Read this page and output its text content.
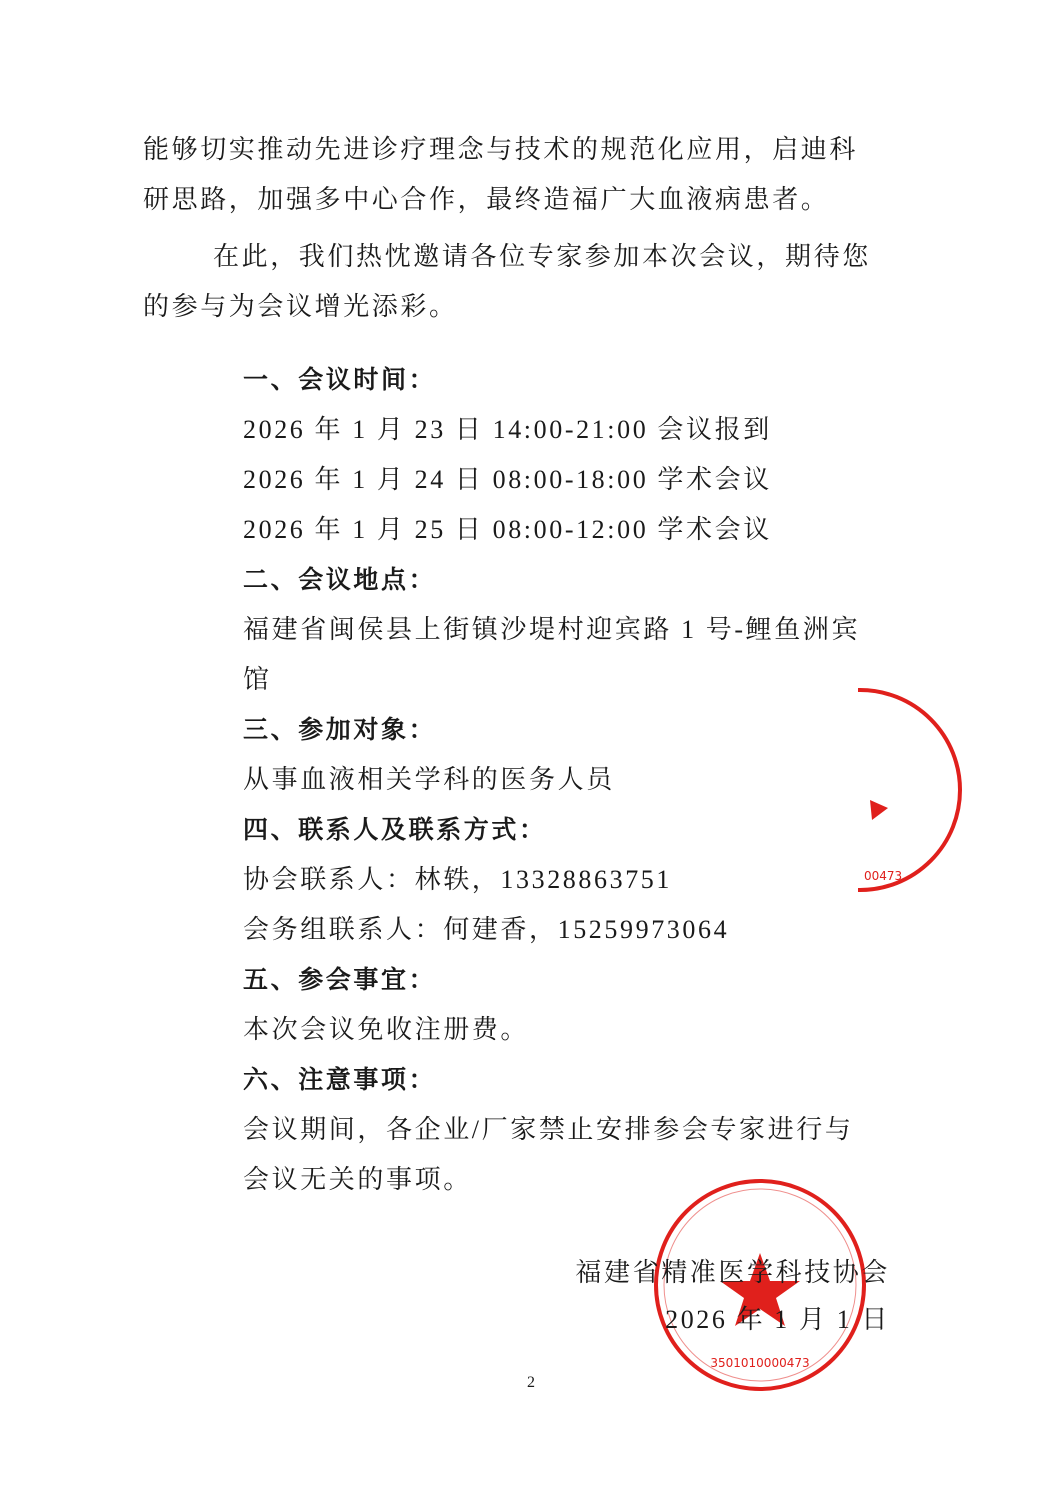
能够切实推动先进诊疗理念与技术的规范化应用，启迪科
研思路，加强多中心合作，最终造福广大血液病患者。
在此，我们热忱邀请各位专家参加本次会议，期待您
的参与为会议增光添彩。
一、会议时间：
2026 年 1 月 23 日 14:00-21:00 会议报到
2026 年 1 月 24 日 08:00-18:00 学术会议
2026 年 1 月 25 日 08:00-12:00 学术会议
二、会议地点：
福建省闽侯县上街镇沙堤村迎宾路 1 号-鲤鱼洲宾
馆
三、参加对象：
从事血液相关学科的医务人员
四、联系人及联系方式：
协会联系人：林轶，13328863751
会务组联系人：何建香，15259973064
五、参会事宜：
本次会议免收注册费。
六、注意事项：
会议期间，各企业/厂家禁止安排参会专家进行与
会议无关的事项。
00473
3501010000473
福建省精准医学科技协会
2026 年 1 月 1 日
2
